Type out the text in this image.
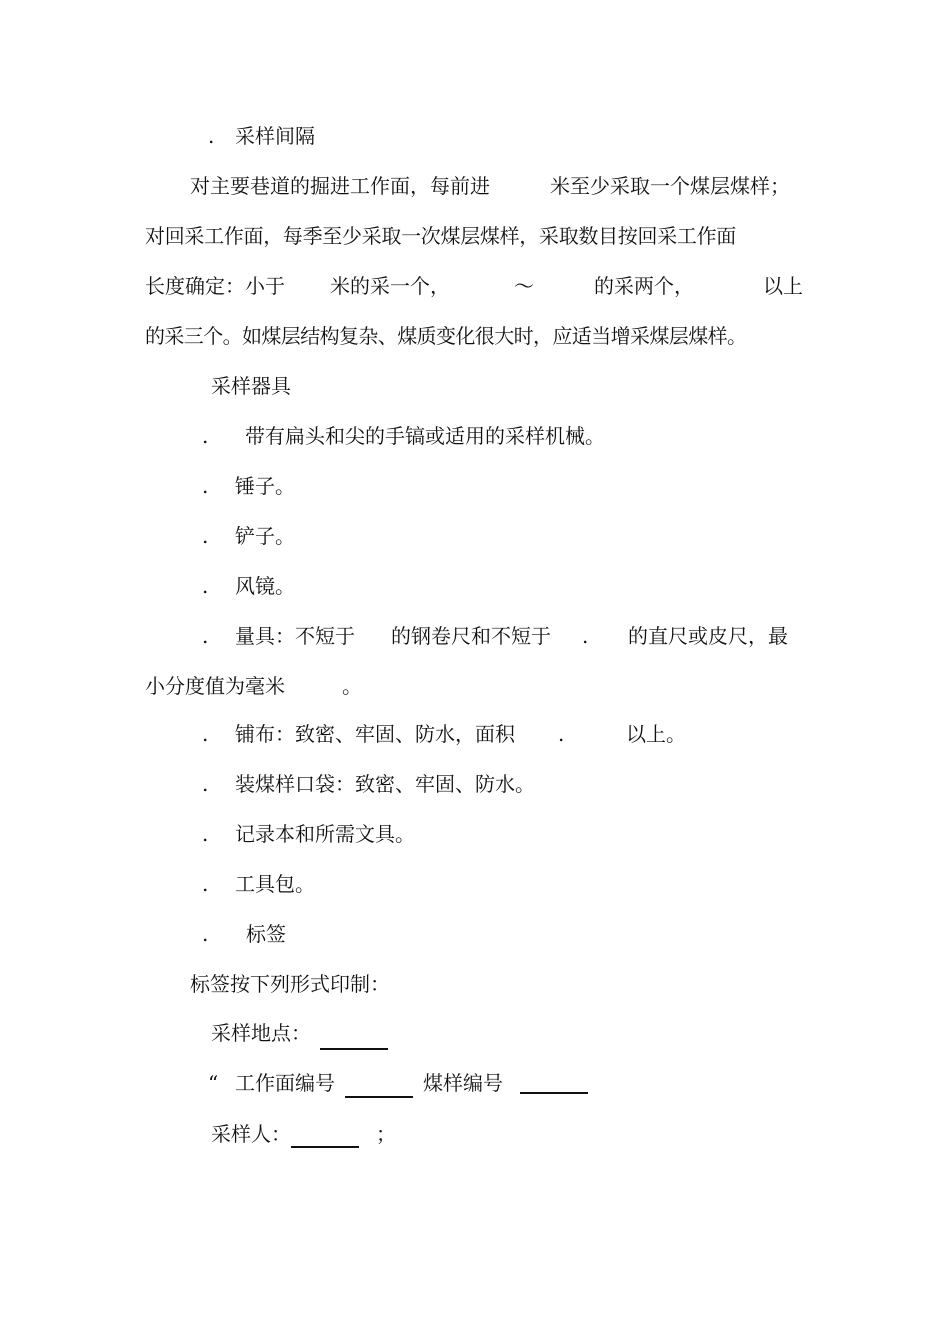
. 采样间隔
对主要巷道的掘进工作面，每前进	米至少采取一个煤层煤样；
对回采工作面，每季至少采取一次煤层煤样，采取数目按回采工作面
长度确定：小于 米的采一个，	～	的采两个，	以上
的采三个。如煤层结构复杂、煤质变化很大时，应适当增采煤层煤样。
采样器具
. 带有扁头和尖的手镐或适用的采样机械。
. 锤子。
. 铲子。
. 风镜。
. 量具：不短于 的钢卷尺和不短于 . 的直尺或皮尺，最
小分度值为毫米	。
. 铺布：致密、牢固、防水，面积 .	以上。
. 装煤样口袋：致密、牢固、防水。
. 记录本和所需文具。
. 工具包。
. 标签
标签按下列形式印制：
采样地点：
“ 工作面编号	煤样编号
采样人：	；
